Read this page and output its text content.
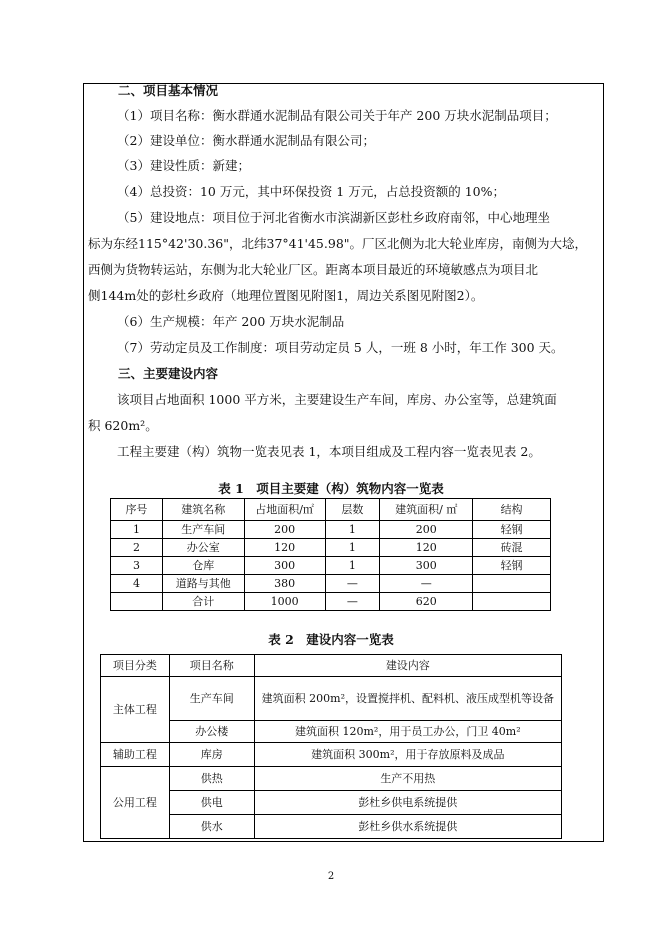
二、项目基本情况
（1）项目名称：衡水群通水泥制品有限公司关于年产 200 万块水泥制品项目；
（2）建设单位：衡水群通水泥制品有限公司；
（3）建设性质：新建；
（4）总投资：10 万元，其中环保投资 1 万元，占总投资额的 10%；
（5）建设地点：项目位于河北省衡水市滨湖新区彭杜乡政府南邻，中心地理坐
标为东经115°42'30.36"，北纬37°41'45.98"。厂区北侧为北大轮业库房，南侧为大埝，
西侧为货物转运站，东侧为北大轮业厂区。距离本项目最近的环境敏感点为项目北
侧144m处的彭杜乡政府（地理位置图见附图1，周边关系图见附图2）。
（6）生产规模：年产 200 万块水泥制品
（7）劳动定员及工作制度：项目劳动定员 5 人，一班 8 小时，年工作 300 天。
三、主要建设内容
该项目占地面积 1000 平方米，主要建设生产车间，库房、办公室等，总建筑面
积 620m²。
工程主要建（构）筑物一览表见表 1，本项目组成及工程内容一览表见表 2。
表 1　项目主要建（构）筑物内容一览表
序号	建筑名称	占地面积/㎡	层数	建筑面积/ ㎡	结构
1	生产车间	200	1	200	轻钢
2	办公室	120	1	120	砖混
3	仓库	300	1	300	轻钢
4	道路与其他	380	—	—	
	合计	1000	—	620	
表 2　建设内容一览表
项目分类	项目名称	建设内容
主体工程	生产车间	建筑面积 200m²，设置搅拌机、配料机、液压成型机等设备
	办公楼	建筑面积 120m²，用于员工办公，门卫 40m²
辅助工程	库房	建筑面积 300m²，用于存放原料及成品
公用工程	供热	生产不用热
	供电	彭杜乡供电系统提供
	供水	彭杜乡供水系统提供
2
